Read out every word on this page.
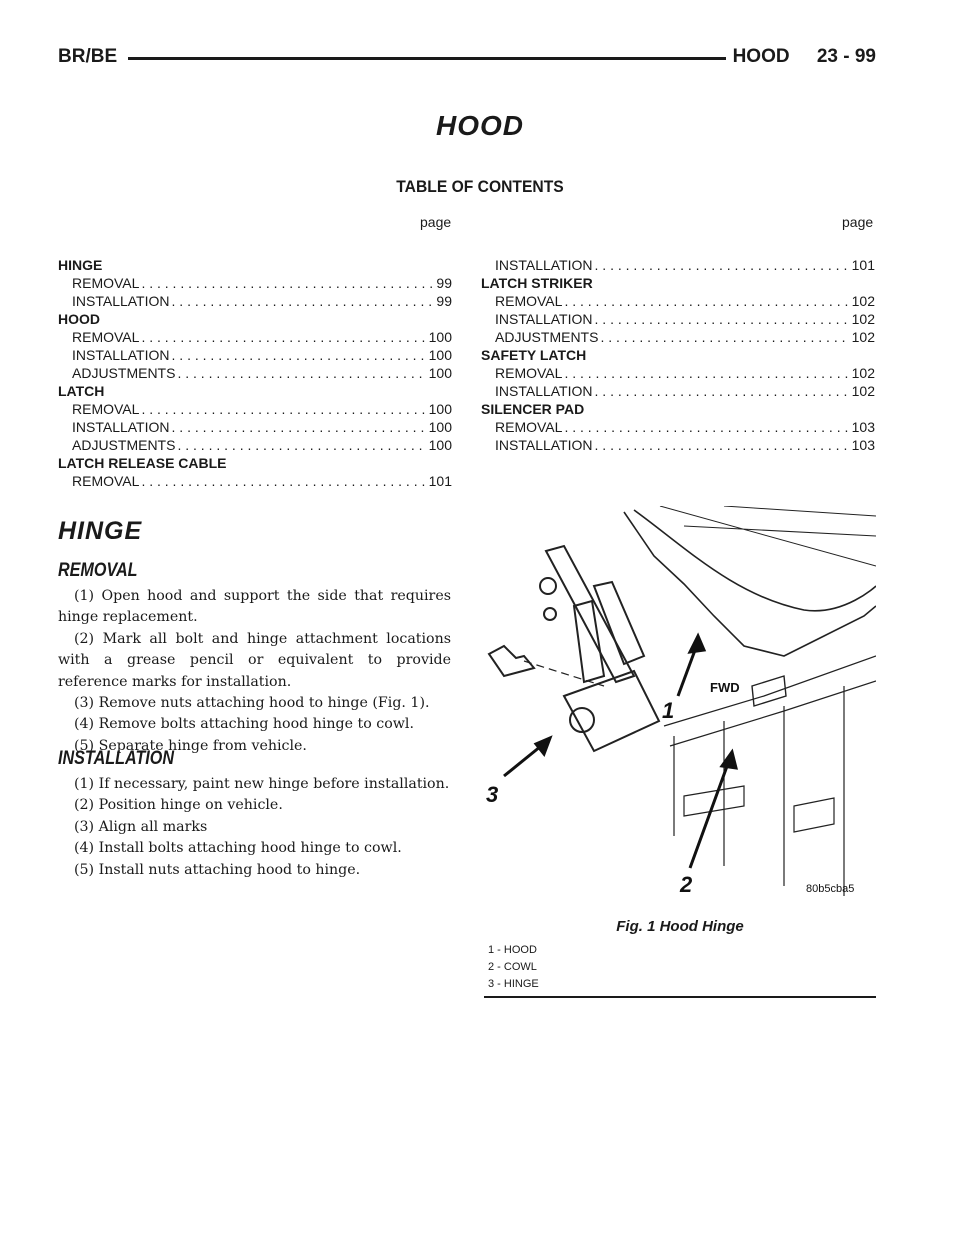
BR/BE	HOOD 23 - 99
HOOD
TABLE OF CONTENTS
page	page
HINGE
REMOVAL . . .	99
INSTALLATION . . .	99
HOOD
REMOVAL . . .	100
INSTALLATION . . .	100
ADJUSTMENTS . . .	100
LATCH
REMOVAL . . .	100
INSTALLATION . . .	100
ADJUSTMENTS . . .	100
LATCH RELEASE CABLE
REMOVAL . . .	101
INSTALLATION . . .	101
LATCH STRIKER
REMOVAL . . .	102
INSTALLATION . . .	102
ADJUSTMENTS . . .	102
SAFETY LATCH
REMOVAL . . .	102
INSTALLATION . . .	102
SILENCER PAD
REMOVAL . . .	103
INSTALLATION . . .	103
HINGE
REMOVAL

(1) Open hood and support the side that requires hinge replacement.

(2) Mark all bolt and hinge attachment locations with a grease pencil or equivalent to provide reference marks for installation.

(3) Remove nuts attaching hood to hinge (Fig. 1).

(4) Remove bolts attaching hood hinge to cowl.

(5) Separate hinge from vehicle.

INSTALLATION

(1) If necessary, paint new hinge before installation.

(2) Position hinge on vehicle.

(3) Align all marks

(4) Install bolts attaching hood hinge to cowl.

(5) Install nuts attaching hood to hinge.

1
2
3
FWD
80b5cba5
Fig. 1 Hood Hinge
1 - HOOD
2 - COWL
3 - HINGE
